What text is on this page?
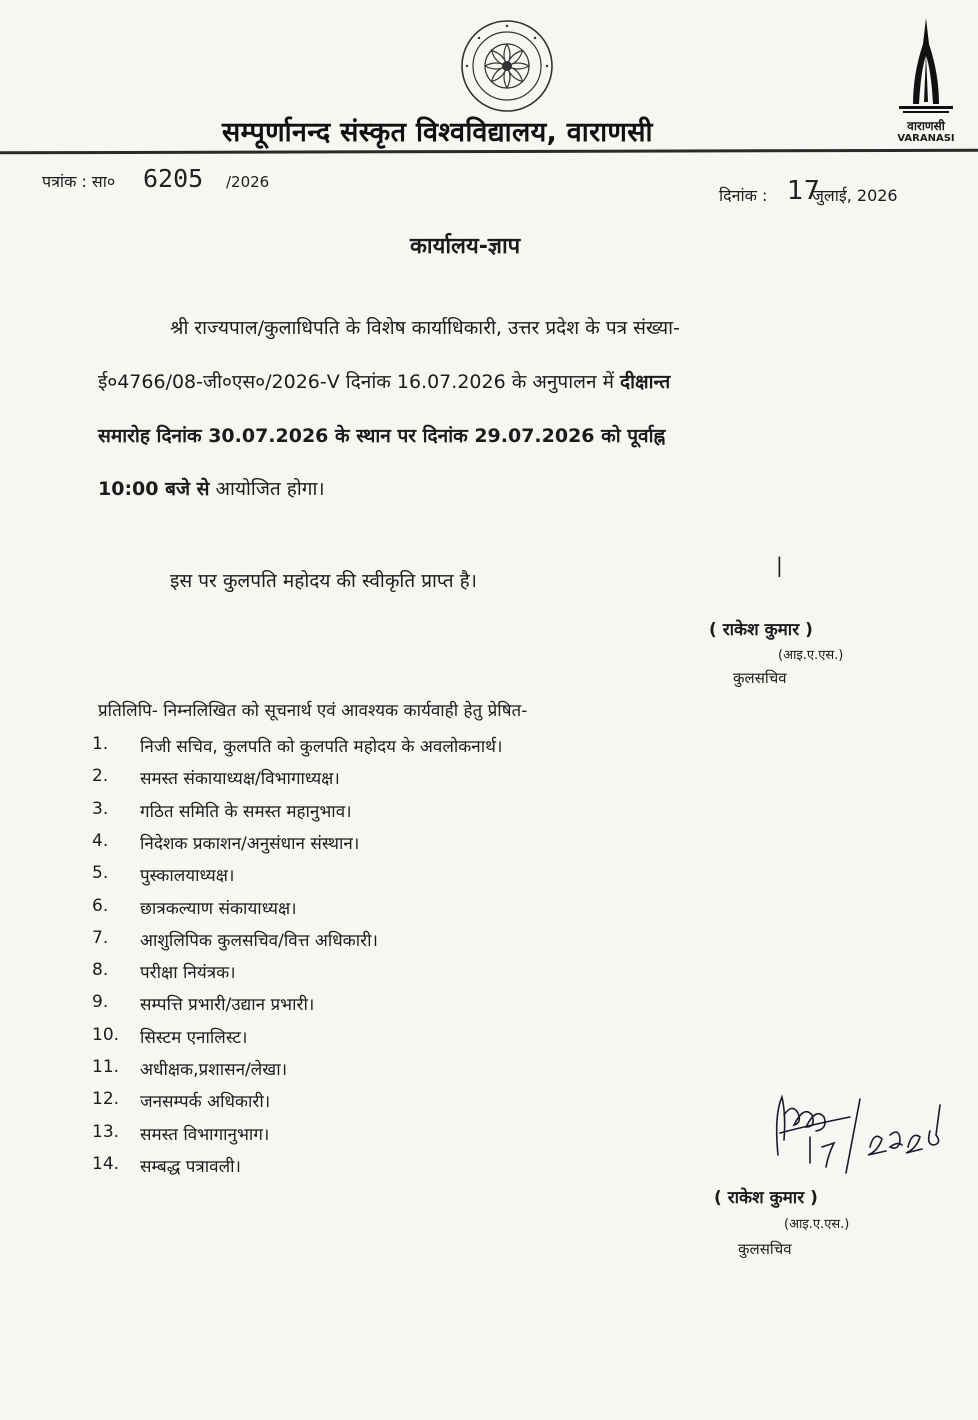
सम्पूर्णानन्द संस्कृत विश्वविद्यालय, वाराणसी	वाराणसी
VARANASI
पत्रांक : सा० 6205 /2026
दिनांक : 17
जुलाई, 2026
कार्यालय-ज्ञाप
श्री राज्यपाल/कुलाधिपति के विशेष कार्याधिकारी, उत्तर प्रदेश के पत्र संख्या-
ई०4766/08-जी०एस०/2026-V दिनांक 16.07.2026 के अनुपालन में दीक्षान्त
समारोह दिनांक 30.07.2026 के स्थान पर दिनांक 29.07.2026 को पूर्वाह्न
10:00 बजे से आयोजित होगा।
इस पर कुलपति महोदय की स्वीकृति प्राप्त है।
|
( राकेश कुमार )
(आइ.ए.एस.)
कुलसचिव
प्रतिलिपि- निम्नलिखित को सूचनार्थ एवं आवश्यक कार्यवाही हेतु प्रेषित-
1.	निजी सचिव, कुलपति को कुलपति महोदय के अवलोकनार्थ।
2.	समस्त संकायाध्यक्ष/विभागाध्यक्ष।
3.	गठित समिति के समस्त महानुभाव।
4.	निदेशक प्रकाशन/अनुसंधान संस्थान।
5.	पुस्कालयाध्यक्ष।
6.	छात्रकल्याण संकायाध्यक्ष।
7.	आशुलिपिक कुलसचिव/वित्त अधिकारी।
8.	परीक्षा नियंत्रक।
9.	सम्पत्ति प्रभारी/उद्यान प्रभारी।
10.	सिस्टम एनालिस्ट।
11.	अधीक्षक,प्रशासन/लेखा।
12.	जनसम्पर्क अधिकारी।
13.	समस्त विभागानुभाग।
14.	सम्बद्ध पत्रावली।
( राकेश कुमार )
(आइ.ए.एस.)
कुलसचिव
